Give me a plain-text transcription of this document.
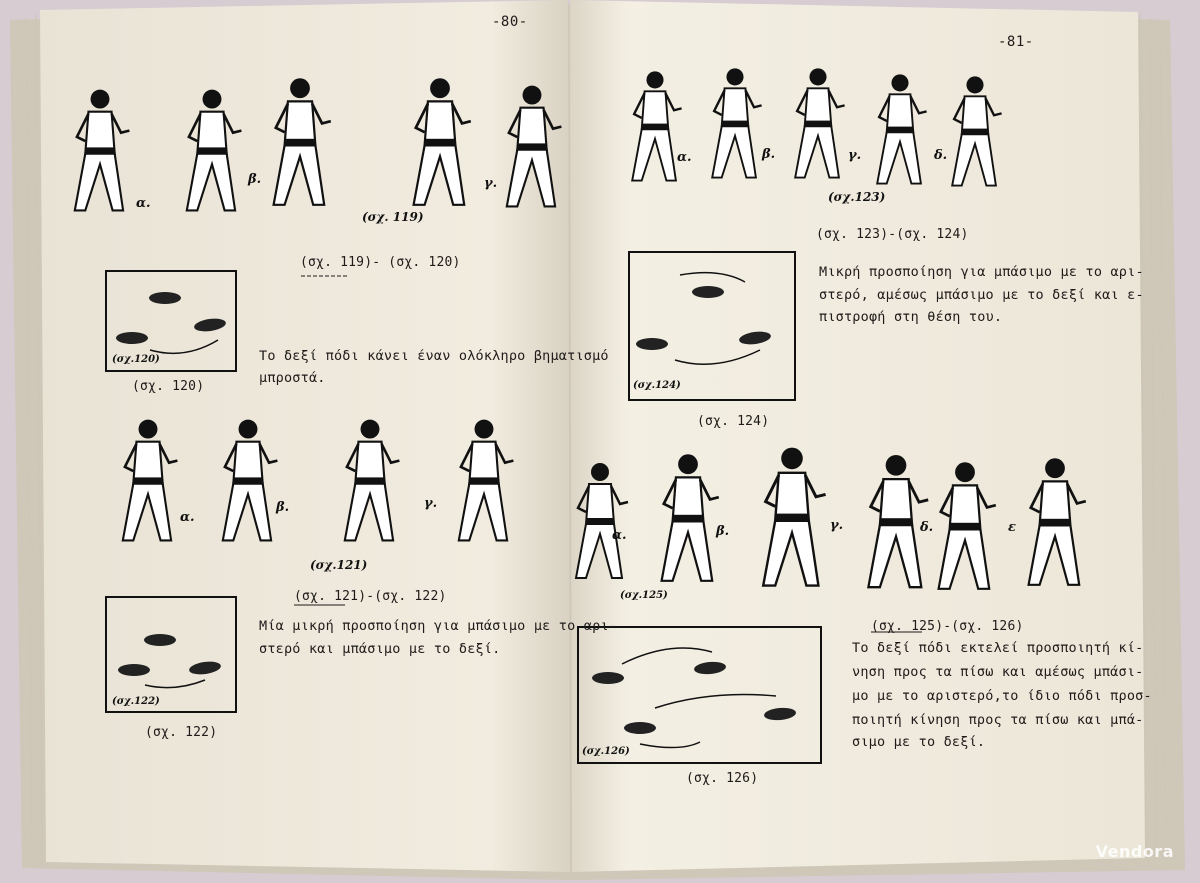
-80-
(σχ. 119)
(σχ. 119)- (σχ. 120)
(σχ.120)
(σχ. 120)
Το δεξί πόδι κάνει έναν ολόκληρο βηματισμό
μπροστά.
(σχ.121)
(σχ. 121)-(σχ. 122)
(σχ.122)
(σχ. 122)
Μία μικρή προσποίηση για μπάσιμο με το αρι-
στερό και μπάσιμο με το δεξί.
α.
β.	γ.
α.
β.	γ.
-81-
(σχ.123)
(σχ. 123)-(σχ. 124)
Μικρή προσποίηση για μπάσιμο με το αρι-
στερό, αμέσως μπάσιμο με το δεξί και ε-
πιστροφή στη θέση του.
(σχ.124)
(σχ. 124)
(σχ.125)
(σχ. 125)-(σχ. 126)
Το δεξί πόδι εκτελεί προσποιητή κί-
νηση προς τα πίσω και αμέσως μπάσι-
μο με το αριστερό,το ίδιο πόδι προσ-
ποιητή κίνηση προς τα πίσω και μπά-
σιμο με το δεξί.
(σχ.126)
(σχ. 126)
α.	β.	γ.	δ.
α.	β.	γ.	δ.	ε
Vendora
